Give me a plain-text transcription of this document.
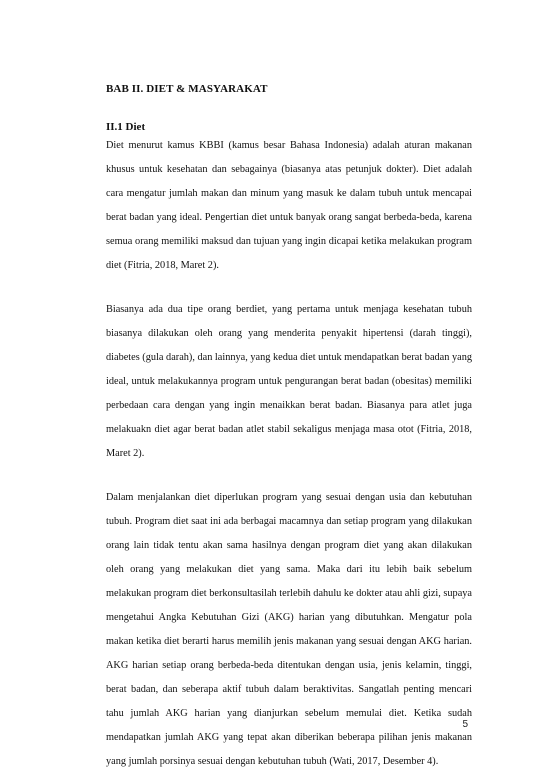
BAB II. DIET & MASYARAKAT
II.1 Diet

Diet menurut kamus KBBI (kamus besar Bahasa Indonesia) adalah aturan makanan khusus untuk kesehatan dan sebagainya (biasanya atas petunjuk dokter). Diet adalah cara mengatur jumlah makan dan minum yang masuk ke dalam tubuh untuk mencapai berat badan yang ideal. Pengertian diet untuk banyak orang sangat berbeda-beda, karena semua orang memiliki maksud dan tujuan yang ingin dicapai ketika melakukan program diet (Fitria, 2018, Maret 2).

Biasanya ada dua tipe orang berdiet, yang pertama untuk menjaga kesehatan tubuh biasanya dilakukan oleh orang yang menderita penyakit hipertensi (darah tinggi), diabetes (gula darah), dan lainnya, yang kedua diet untuk mendapatkan berat badan yang ideal, untuk melakukannya program untuk pengurangan berat badan (obesitas) memiliki perbedaan cara dengan yang ingin menaikkan berat badan. Biasanya para atlet juga melakuakn diet agar berat badan atlet stabil sekaligus menjaga masa otot (Fitria, 2018, Maret 2).

Dalam menjalankan diet diperlukan program yang sesuai dengan usia dan kebutuhan tubuh. Program diet saat ini ada berbagai macamnya dan setiap program yang dilakukan orang lain tidak tentu akan sama hasilnya dengan program diet yang akan dilakukan oleh orang yang melakukan diet yang sama. Maka dari itu lebih baik sebelum melakukan program diet berkonsultasilah terlebih dahulu ke dokter atau ahli gizi, supaya mengetahui Angka Kebutuhan Gizi (AKG) harian yang dibutuhkan. Mengatur pola makan ketika diet berarti harus memilih jenis makanan yang sesuai dengan AKG harian. AKG harian setiap orang berbeda-beda ditentukan dengan usia, jenis kelamin, tinggi, berat badan, dan seberapa aktif tubuh dalam beraktivitas. Sangatlah penting mencari tahu jumlah AKG harian yang dianjurkan sebelum memulai diet. Ketika sudah mendapatkan jumlah AKG yang tepat akan diberikan beberapa pilihan jenis makanan yang jumlah porsinya sesuai dengan kebutuhan tubuh (Wati, 2017, Desember 4).

5
